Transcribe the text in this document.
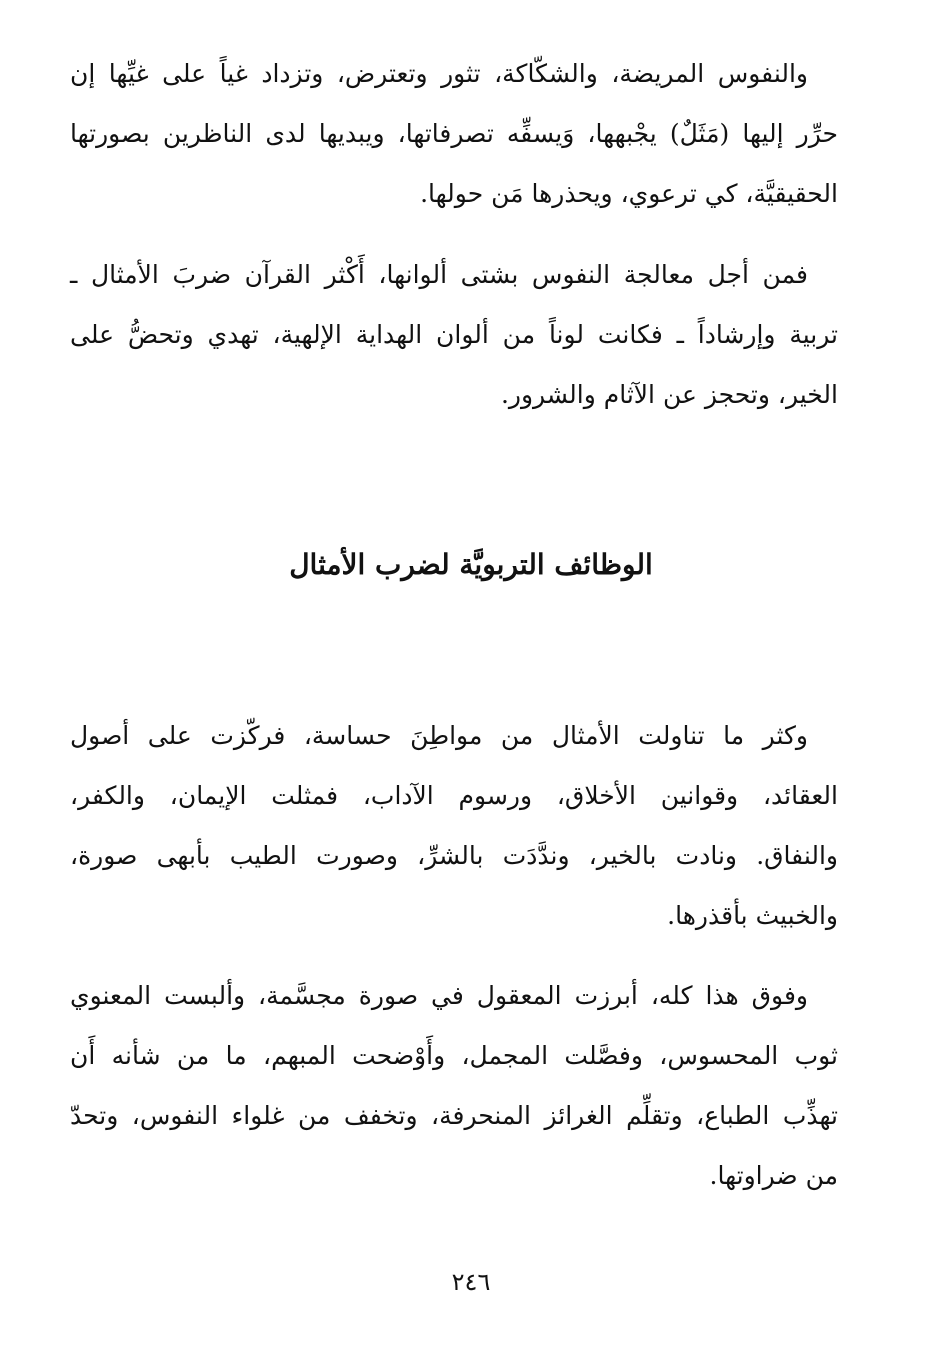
والنفوس المريضة، والشكّاكة، تثور وتعترض، وتزداد غياً على غيِّها إن
حرِّر إليها (مَثَلٌ) يجْبهها، وَيسفِّه تصرفاتها، ويبديها لدى الناظرين بصورتها
الحقيقيَّة، كي ترعوي، ويحذرها مَن حولها.
فمن أجل معالجة النفوس بشتى ألوانها، أَكْثر القرآن ضربَ الأمثال ـ
تربية وإرشاداً ـ فكانت لوناً من ألوان الهداية الإلهية، تهدي وتحضُّ على
الخير، وتحجز عن الآثام والشرور.
الوظائف التربويَّة لضرب الأمثال
وكثر ما تناولت الأمثال من مواطِنَ حساسة، فركّزت على أصول
العقائد، وقوانين الأخلاق، ورسوم الآداب، فمثلت الإيمان، والكفر،
والنفاق. ونادت بالخير، وندَّدَت بالشرِّ، وصورت الطيب بأبهى صورة،
والخبيث بأقذرها.
وفوق هذا كله، أبرزت المعقول في صورة مجسَّمة، وألبست المعنوي
ثوب المحسوس، وفصَّلت المجمل، وأَوْضحت المبهم، ما من شأنه أَن
تهذِّب الطباع، وتقلِّم الغرائز المنحرفة، وتخفف من غلواء النفوس، وتحدّ
من ضراوتها.
٢٤٦
